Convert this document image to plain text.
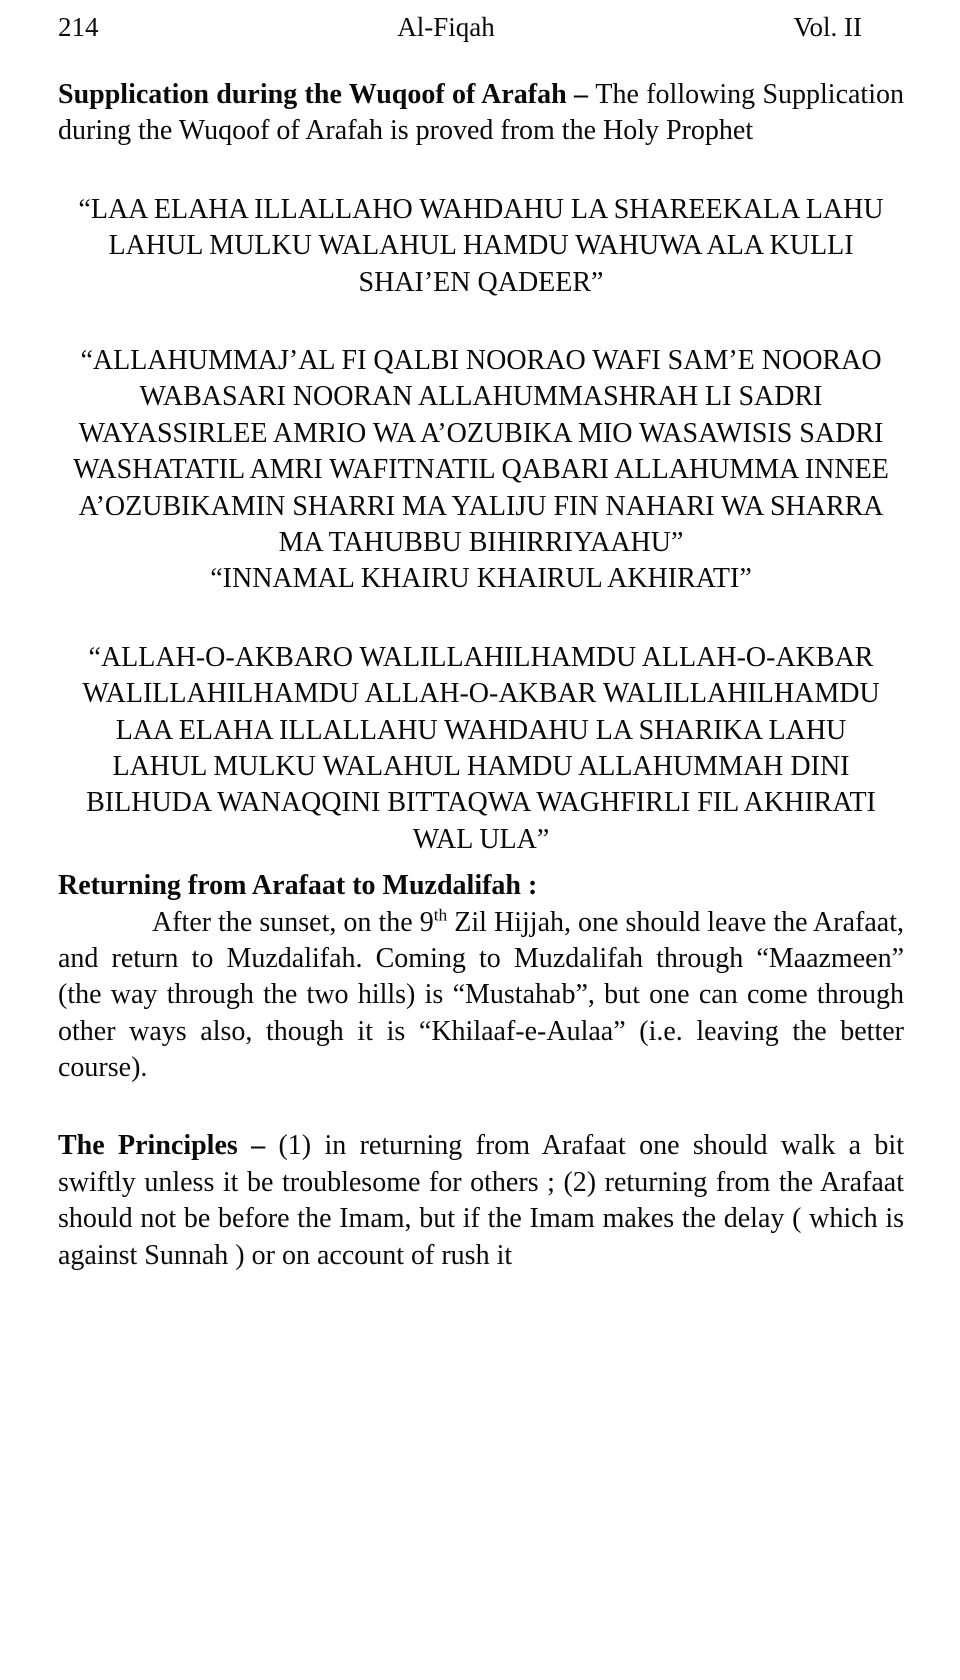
214	Al-Fiqah	Vol. II

Supplication during the Wuqoof of Arafah – The following Supplication during the Wuqoof of Arafah is proved from the Holy Prophet

“LAA ELAHA ILLALLAHO WAHDAHU LA SHAREEKALA LAHU LAHUL MULKU WALAHUL HAMDU WAHUWA ALA KULLI SHAI’EN QADEER”

“ALLAHUMMAJ’AL FI QALBI NOORAO WAFI SAM’E NOORAO WABASARI NOORAN ALLAHUMMASHRAH LI SADRI WAYASSIRLEE AMRIO WA A’OZUBIKA MIO WASAWISIS SADRI WASHATATIL AMRI WAFITNATIL QABARI ALLAHUMMA INNEE A’OZUBIKAMIN SHARRI MA YALIJU FIN NAHARI WA SHARRA MA TAHUBBU BIHIRRIYAAHU”

“INNAMAL KHAIRU KHAIRUL AKHIRATI”

“ALLAH-O-AKBARO WALILLAHILHAMDU ALLAH-O-AKBAR WALILLAHILHAMDU ALLAH-O-AKBAR WALILLAHILHAMDU LAA ELAHA ILLALLAHU WAHDAHU LA SHARIKA LAHU LAHUL MULKU WALAHUL HAMDU ALLAHUMMAH DINI BILHUDA WANAQQINI BITTAQWA WAGHFIRLI FIL AKHIRATI WAL ULA”

Returning from Arafaat to Muzdalifah :

After the sunset, on the 9th Zil Hijjah, one should leave the Arafaat, and return to Muzdalifah. Coming to Muzdalifah through “Maazmeen” (the way through the two hills) is “Mustahab”, but one can come through other ways also, though it is “Khilaaf-e-Aulaa” (i.e. leaving the better course).

The Principles – (1) in returning from Arafaat one should walk a bit swiftly unless it be troublesome for others ; (2) returning from the Arafaat should not be before the Imam, but if the Imam makes the delay ( which is against Sunnah ) or on account of rush it
